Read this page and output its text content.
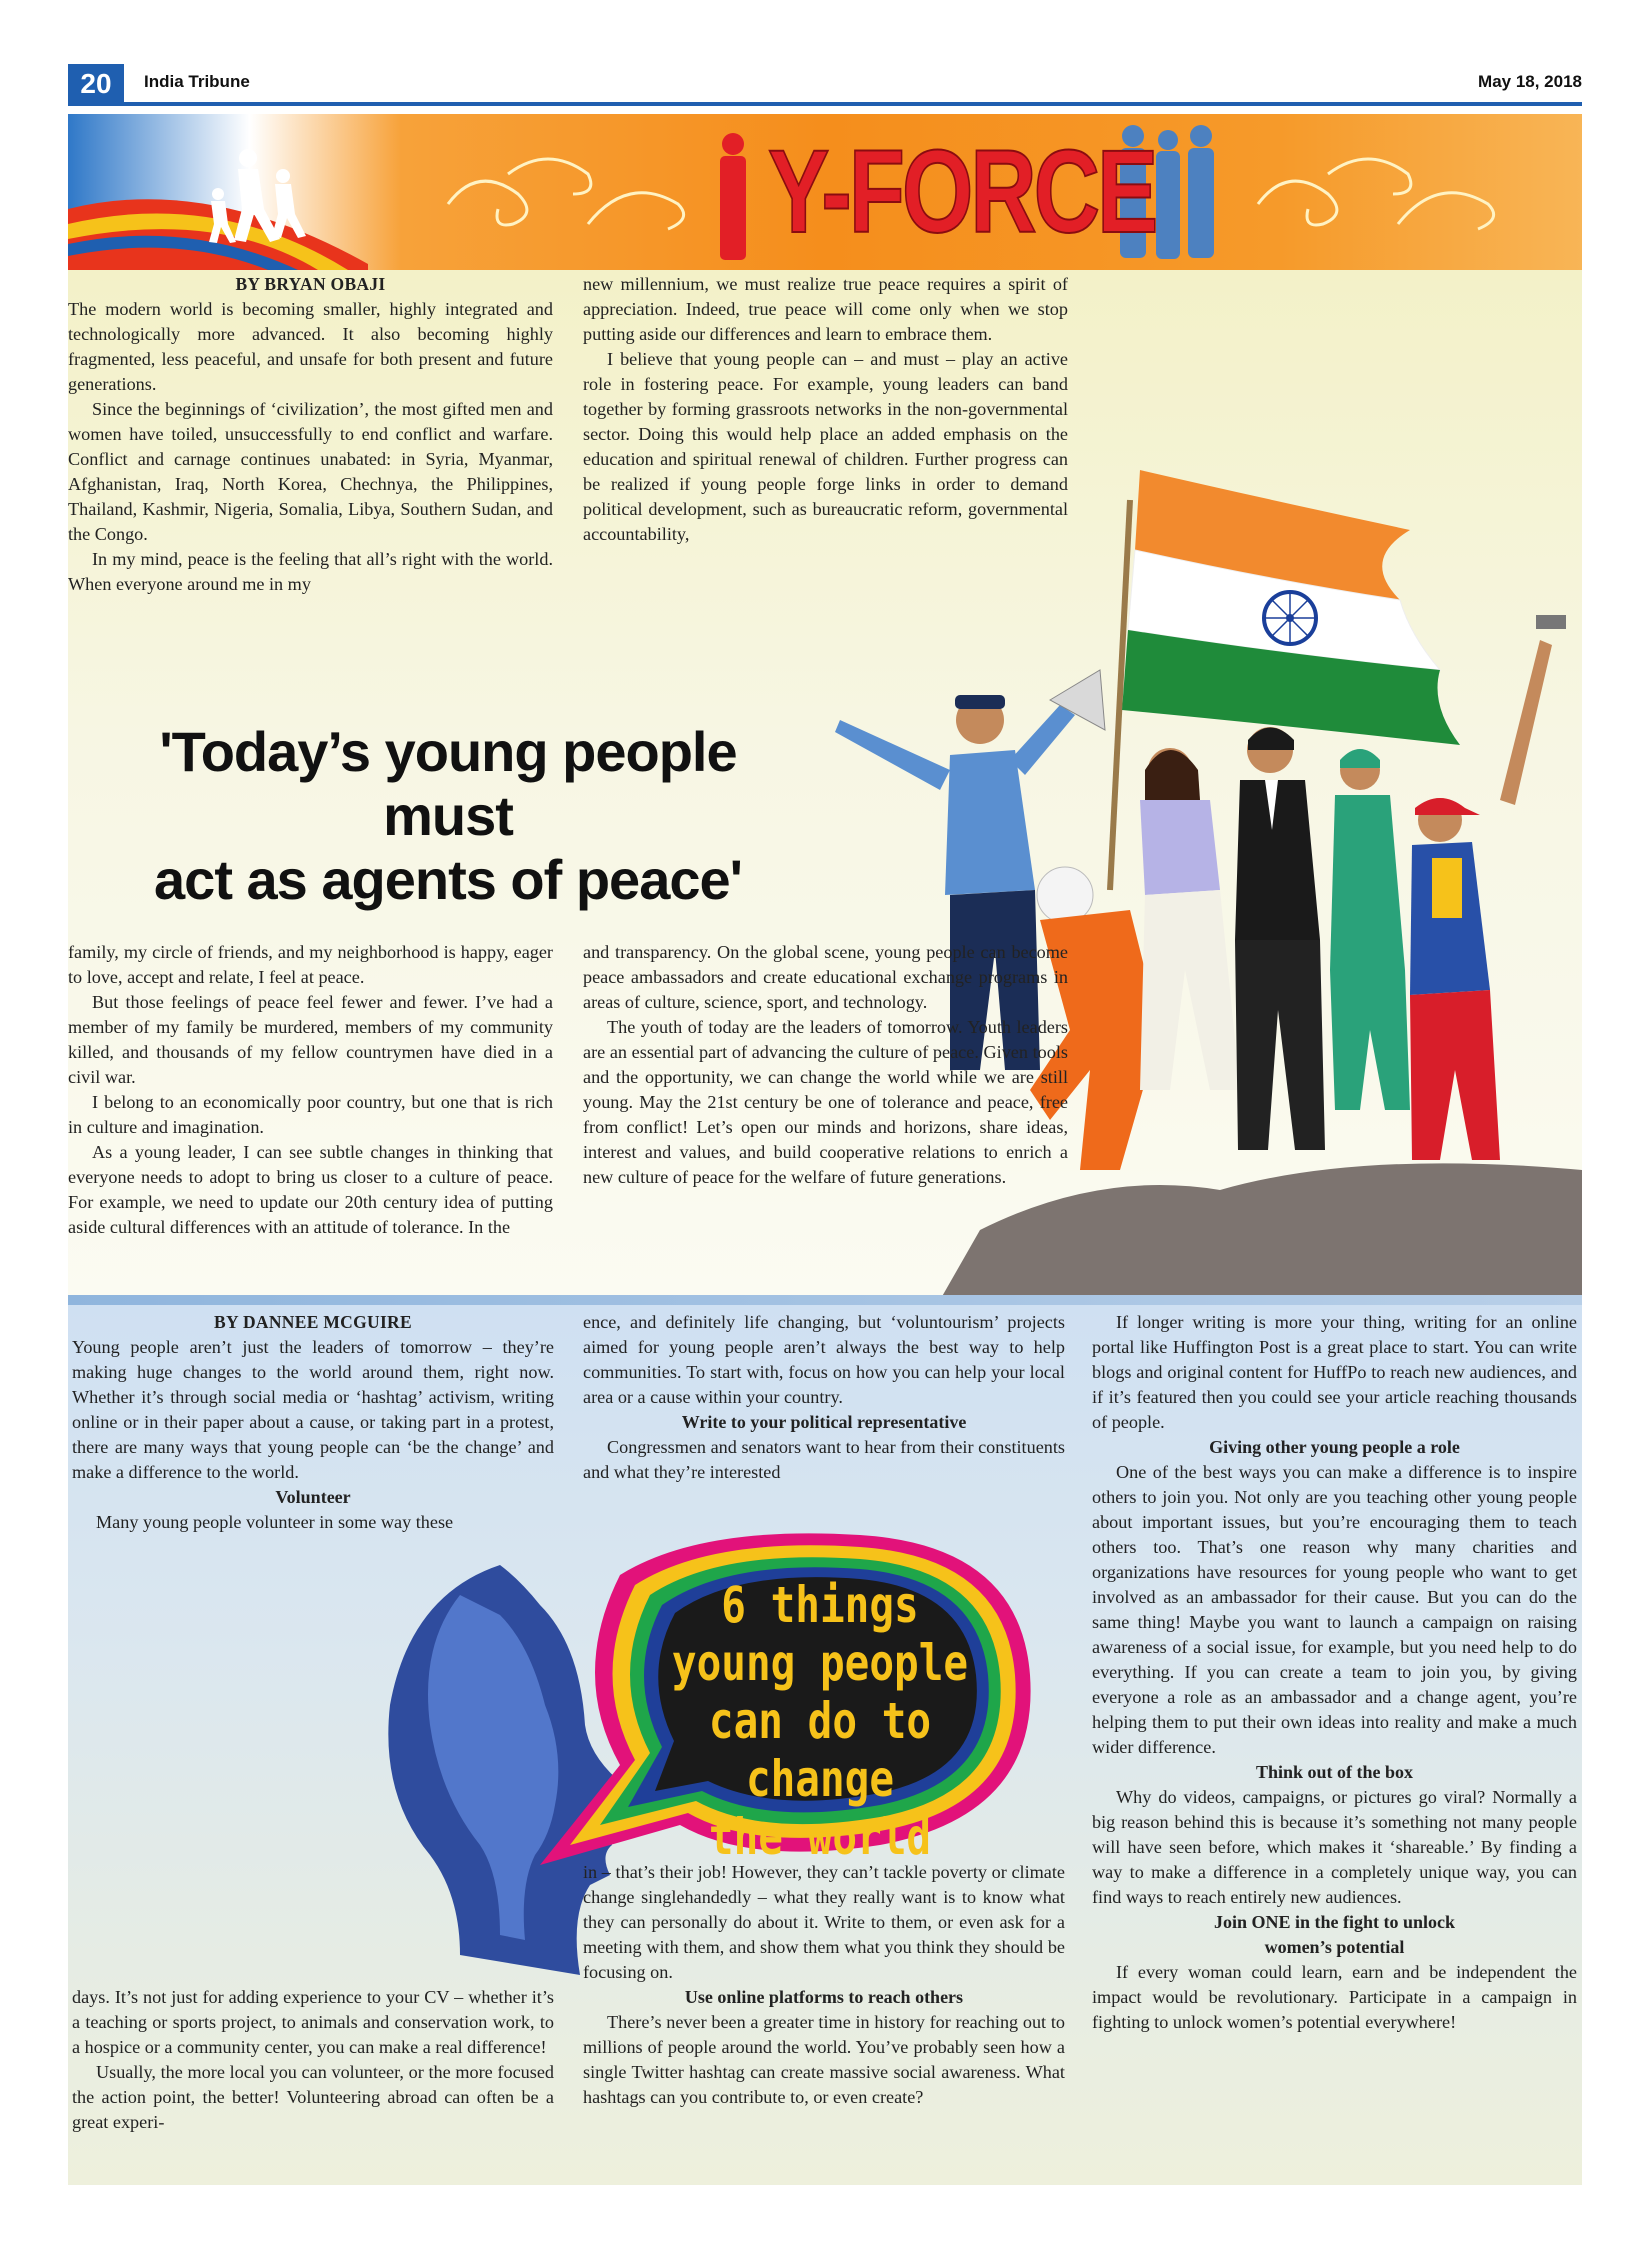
20	India Tribune	May 18, 2018
Y-FORCE
BY BRYAN OBAJI

The modern world is becoming smaller, highly integrated and technologically more advanced. It also becoming highly fragmented, less peaceful, and unsafe for both present and future generations.

Since the beginnings of ‘civilization’, the most gifted men and women have toiled, unsuccessfully to end conflict and warfare. Conflict and carnage continues unabated: in Syria, Myanmar, Afghanistan, Iraq, North Korea, Chechnya, the Philippines, Thailand, Kashmir, Nigeria, Somalia, Libya, Southern Sudan, and the Congo.

In my mind, peace is the feeling that all’s right with the world. When everyone around me in my

new millennium, we must realize true peace requires a spirit of appreciation. Indeed, true peace will come only when we stop putting aside our differences and learn to embrace them.

I believe that young people can – and must – play an active role in fostering peace. For example, young leaders can band together by forming grassroots networks in the non-governmental sector. Doing this would help place an added emphasis on the education and spiritual renewal of children. Further progress can be realized if young people forge links in order to demand political development, such as bureaucratic reform, governmental accountability,

'Today’s young people must
act as agents of peace'

family, my circle of friends, and my neighborhood is happy, eager to love, accept and relate, I feel at peace.

But those feelings of peace feel fewer and fewer. I’ve had a member of my family be murdered, members of my community killed, and thousands of my fellow countrymen have died in a civil war.

I belong to an economically poor country, but one that is rich in culture and imagination.

As a young leader, I can see subtle changes in thinking that everyone needs to adopt to bring us closer to a culture of peace. For example, we need to update our 20th century idea of putting aside cultural differences with an attitude of tolerance. In the

and transparency. On the global scene, young people can become peace ambassadors and create educational exchange programs in areas of culture, science, sport, and technology.

The youth of today are the leaders of tomorrow. Youth leaders are an essential part of advancing the culture of peace. Given tools and the opportunity, we can change the world while we are still young. May the 21st century be one of tolerance and peace, free from conflict! Let’s open our minds and horizons, share ideas, interest and values, and build cooperative relations to enrich a new culture of peace for the welfare of future generations.

BY DANNEE MCGUIRE

Young people aren’t just the leaders of tomorrow – they’re making huge changes to the world around them, right now. Whether it’s through social media or ‘hashtag’ activism, writing online or in their paper about a cause, or taking part in a protest, there are many ways that young people can ‘be the change’ and make a difference to the world.

Volunteer

Many young people volunteer in some way these

6 things
young people
can do to change
the world

days. It’s not just for adding experience to your CV – whether it’s a teaching or sports project, to animals and conservation work, to a hospice or a community center, you can make a real difference!

Usually, the more local you can volunteer, or the more focused the action point, the better! Volunteering abroad can often be a great experi-

ence, and definitely life changing, but ‘voluntourism’ projects aimed for young people aren’t always the best way to help communities. To start with, focus on how you can help your local area or a cause within your country.

Write to your political representative

Congressmen and senators want to hear from their constituents and what they’re interested

in – that’s their job! However, they can’t tackle poverty or climate change singlehandedly – what they really want is to know what they can personally do about it. Write to them, or even ask for a meeting with them, and show them what you think they should be focusing on.

Use online platforms to reach others

There’s never been a greater time in history for reaching out to millions of people around the world. You’ve probably seen how a single Twitter hashtag can create massive social awareness. What hashtags can you contribute to, or even create?

If longer writing is more your thing, writing for an online portal like Huffington Post is a great place to start. You can write blogs and original content for HuffPo to reach new audiences, and if it’s featured then you could see your article reaching thousands of people.

Giving other young people a role

One of the best ways you can make a difference is to inspire others to join you. Not only are you teaching other young people about important issues, but you’re encouraging them to teach others too. That’s one reason why many charities and organizations have resources for young people who want to get involved as an ambassador for their cause. But you can do the same thing! Maybe you want to launch a campaign on raising awareness of a social issue, for example, but you need help to do everything. If you can create a team to join you, by giving everyone a role as an ambassador and a change agent, you’re helping them to put their own ideas into reality and make a much wider difference.

Think out of the box

Why do videos, campaigns, or pictures go viral? Normally a big reason behind this is because it’s something not many people will have seen before, which makes it ‘shareable.’ By finding a way to make a difference in a completely unique way, you can find ways to reach entirely new audiences.

Join ONE in the fight to unlock
women’s potential

If every woman could learn, earn and be independent the impact would be revolutionary. Participate in a campaign in fighting to unlock women’s potential everywhere!
